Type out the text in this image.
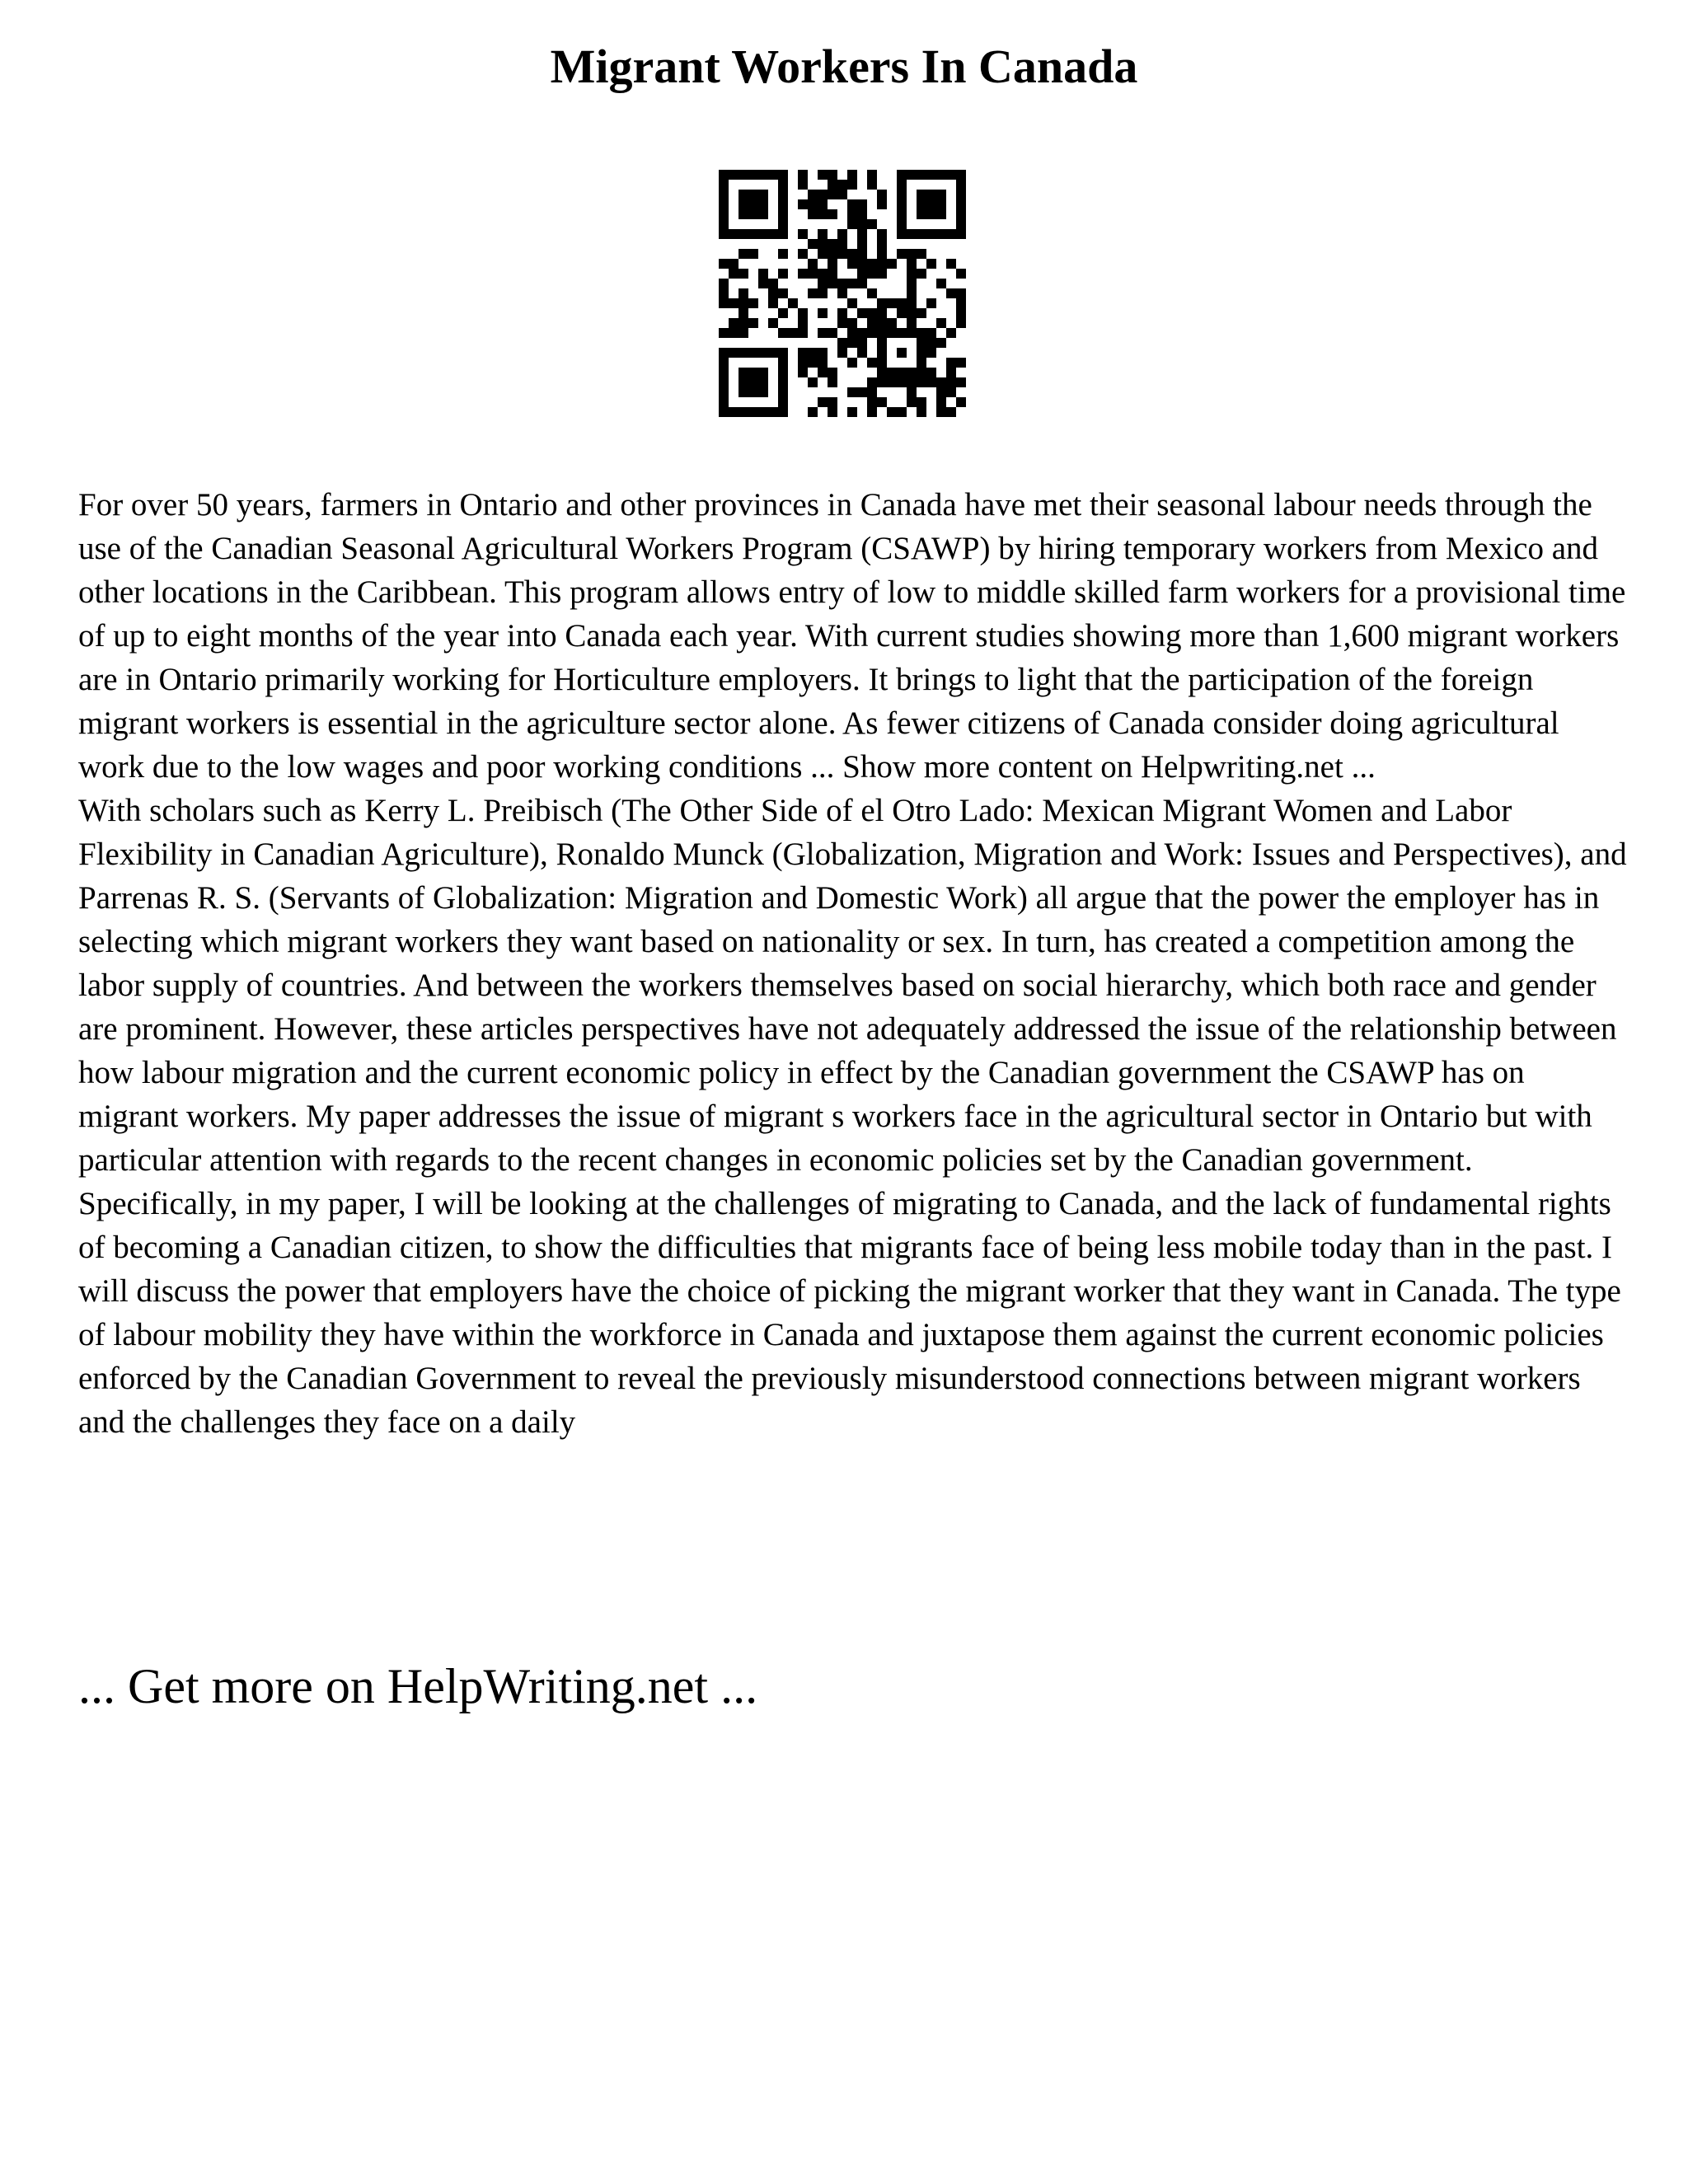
Migrant Workers In Canada

For over 50 years, farmers in Ontario and other provinces in Canada have met their seasonal labour needs through the use of the Canadian Seasonal Agricultural Workers Program (CSAWP) by hiring temporary workers from Mexico and other locations in the Caribbean. This program allows entry of low to middle skilled farm workers for a provisional time of up to eight months of the year into Canada each year. With current studies showing more than 1,600 migrant workers are in Ontario primarily working for Horticulture employers. It brings to light that the participation of the foreign migrant workers is essential in the agriculture sector alone. As fewer citizens of Canada consider doing agricultural work due to the low wages and poor working conditions ... Show more content on Helpwriting.net ...

With scholars such as Kerry L. Preibisch (The Other Side of el Otro Lado: Mexican Migrant Women and Labor Flexibility in Canadian Agriculture), Ronaldo Munck (Globalization, Migration and Work: Issues and Perspectives), and Parrenas R. S. (Servants of Globalization: Migration and Domestic Work) all argue that the power the employer has in selecting which migrant workers they want based on nationality or sex. In turn, has created a competition among the labor supply of countries. And between the workers themselves based on social hierarchy, which both race and gender are prominent. However, these articles perspectives have not adequately addressed the issue of the relationship between how labour migration and the current economic policy in effect by the Canadian government the CSAWP has on migrant workers. My paper addresses the issue of migrant s workers face in the agricultural sector in Ontario but with particular attention with regards to the recent changes in economic policies set by the Canadian government. Specifically, in my paper, I will be looking at the challenges of migrating to Canada, and the lack of fundamental rights of becoming a Canadian citizen, to show the difficulties that migrants face of being less mobile today than in the past. I will discuss the power that employers have the choice of picking the migrant worker that they want in Canada. The type of labour mobility they have within the workforce in Canada and juxtapose them against the current economic policies enforced by the Canadian Government to reveal the previously misunderstood connections between migrant workers and the challenges they face on a daily

... Get more on HelpWriting.net ...
